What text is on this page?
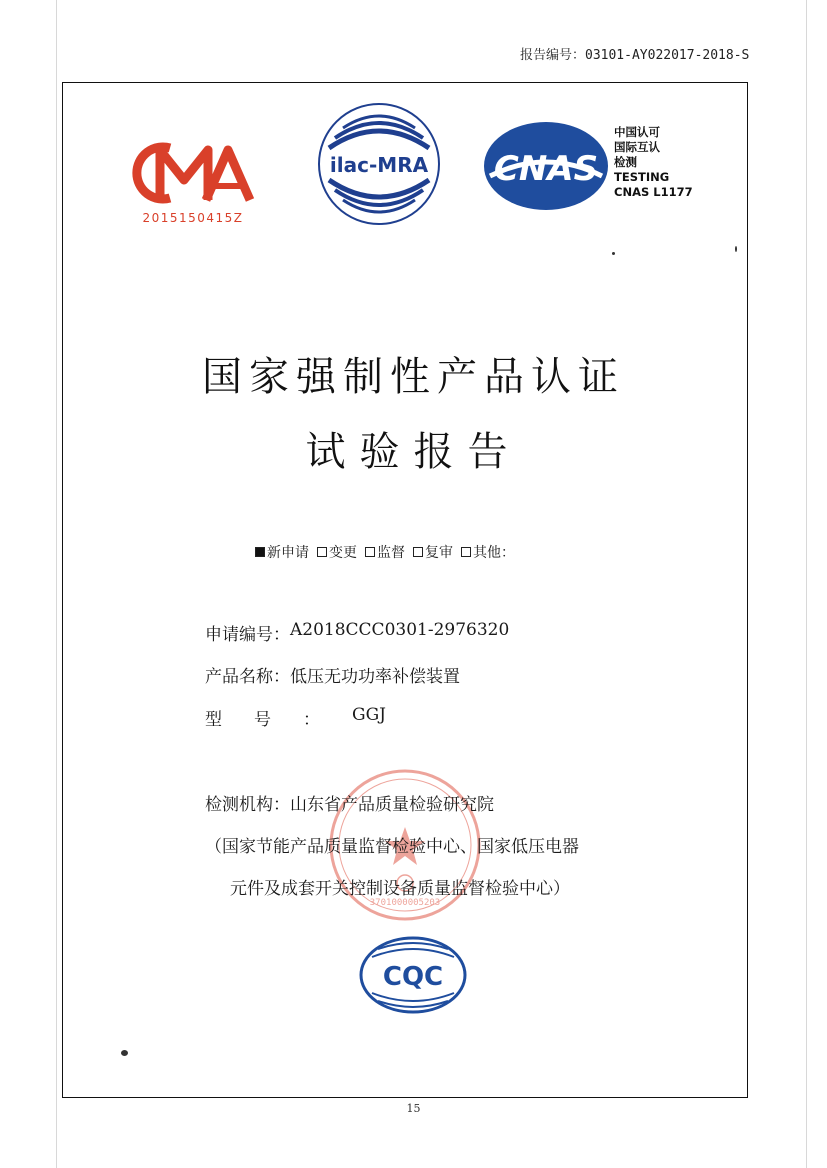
报告编号：03101-AY022017-2018-S
2015150415Z
ilac-MRA CNAS
中国认可
国际互认
检测
TESTING
CNAS L1177
国家强制性产品认证
试验报告
新申请 变更 监督 复审 其他：
3701000005203
申请编号： A2018CCC0301-2976320
产品名称： 低压无功功率补偿装置
型号： GGJ
检测机构： 山东省产品质量检验研究院
（国家节能产品质量监督检验中心、国家低压电器
元件及成套开关控制设备质量监督检验中心）
CQC
15
